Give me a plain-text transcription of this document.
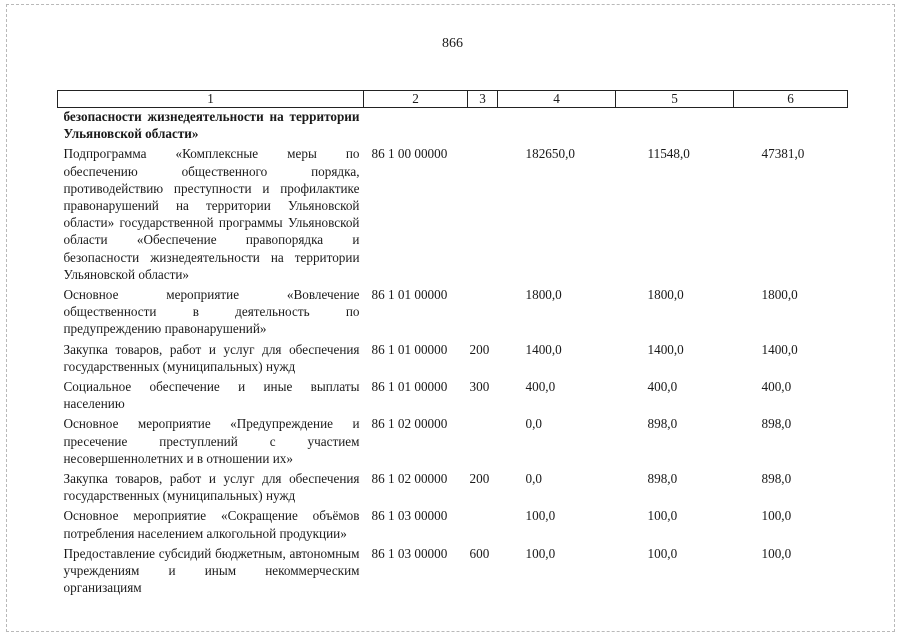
866
1	2	3	4	5	6
безопасности жизнедеятельности на территории Ульяновской области»					
Подпрограмма «Комплексные меры по обеспечению общественного порядка, противодействию преступности и профилактике правонарушений на территории Ульяновской области» государственной программы Ульяновской области «Обеспечение правопорядка и безопасности жизнедеятельности на территории Ульяновской области»	86 1 00 00000		182650,0	11548,0	47381,0
Основное мероприятие «Вовлечение общественности в деятельность по предупреждению правонарушений»	86 1 01 00000		1800,0	1800,0	1800,0
Закупка товаров, работ и услуг для обеспечения государственных (муниципальных) нужд	86 1 01 00000	200	1400,0	1400,0	1400,0
Социальное обеспечение и иные выплаты населению	86 1 01 00000	300	400,0	400,0	400,0
Основное мероприятие «Предупреждение и пресечение преступлений с участием несовершеннолетних и в отношении их»	86 1 02 00000		0,0	898,0	898,0
Закупка товаров, работ и услуг для обеспечения государственных (муниципальных) нужд	86 1 02 00000	200	0,0	898,0	898,0
Основное мероприятие «Сокращение объёмов потребления населением алкогольной продукции»	86 1 03 00000		100,0	100,0	100,0
Предоставление субсидий бюджетным, автономным учреждениям и иным некоммерческим организациям	86 1 03 00000	600	100,0	100,0	100,0
